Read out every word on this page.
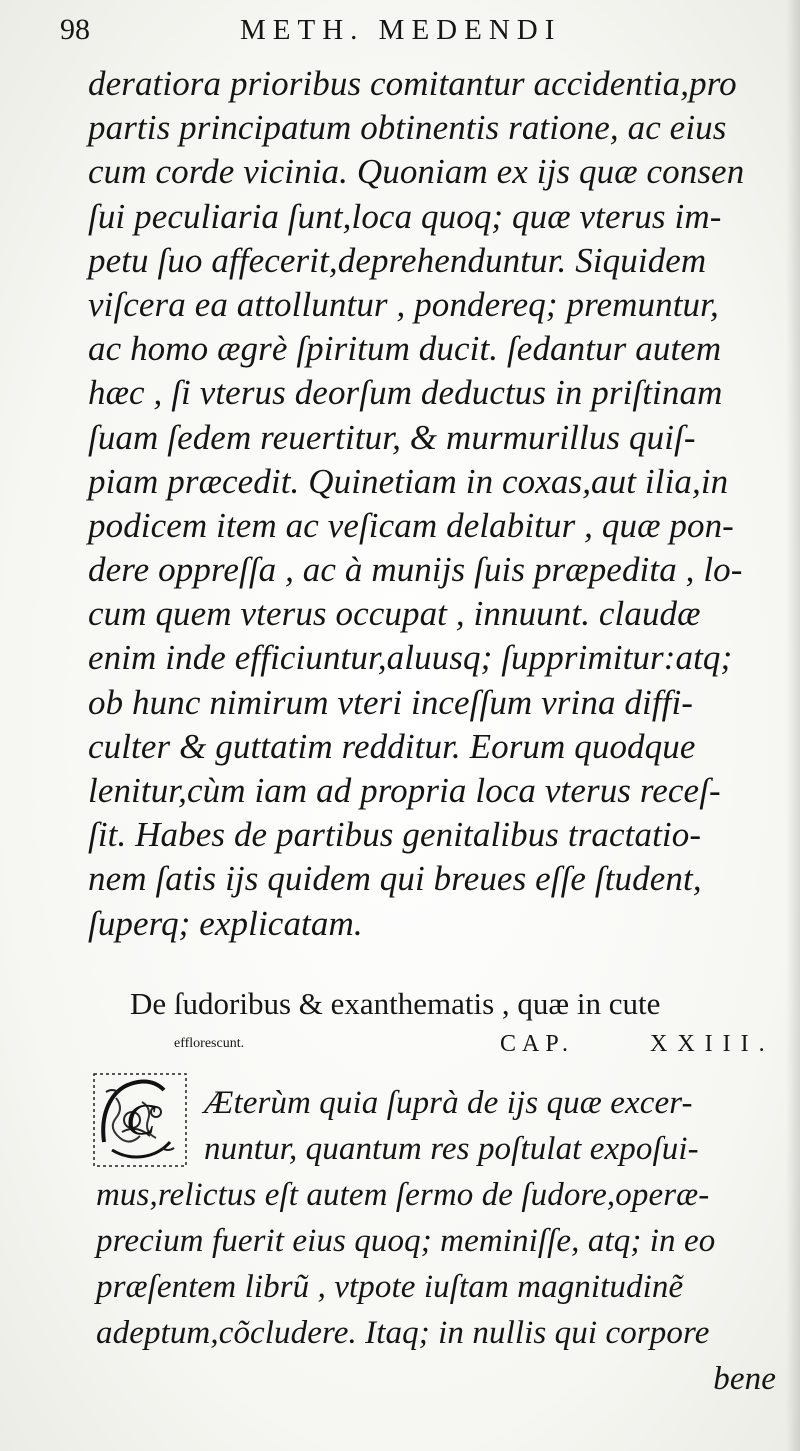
98	METH. MEDENDI
deratiora prioribus comitantur accidentia,pro
partis principatum obtinentis ratione, ac eius
cum corde vicinia. Quoniam ex ijs quæ consen
ſui peculiaria ſunt,loca quoq; quæ vterus im-
petu ſuo affecerit,deprehenduntur. Siquidem
viſcera ea attolluntur , pondereq; premuntur,
ac homo ægrè ſpiritum ducit. ſedantur autem
hæc , ſi vterus deorſum deductus in priſtinam
ſuam ſedem reuertitur, & murmurillus quiſ-
piam præcedit. Quinetiam in coxas,aut ilia,in
podicem item ac veſicam delabitur , quæ pon-
dere oppreſſa , ac à munijs ſuis præpedita , lo-
cum quem vterus occupat , innuunt. claudæ
enim inde efficiuntur,aluusq; ſupprimitur:atq;
ob hunc nimirum vteri inceſſum vrina diffi-
culter & guttatim redditur. Eorum quodque
lenitur,cùm iam ad propria loca vterus receſ-
ſit. Habes de partibus genitalibus tractatio-
nem ſatis ijs quidem qui breues eſſe ſtudent,
ſuperq; explicatam.
De ſudoribus & exanthematis , quæ in cute
efflorescunt.	CAP.	XXIII.
C	Æterùm quia ſuprà de ijs quæ excer-
nuntur, quantum res poſtulat expoſui-
mus,relictus eſt autem ſermo de ſudore,operæ-
precium fuerit eius quoq; meminiſſe, atq; in eo
præſentem librũ , vtpote iuſtam magnitudinẽ
adeptum,cõcludere. Itaq; in nullis qui corpore
bene
